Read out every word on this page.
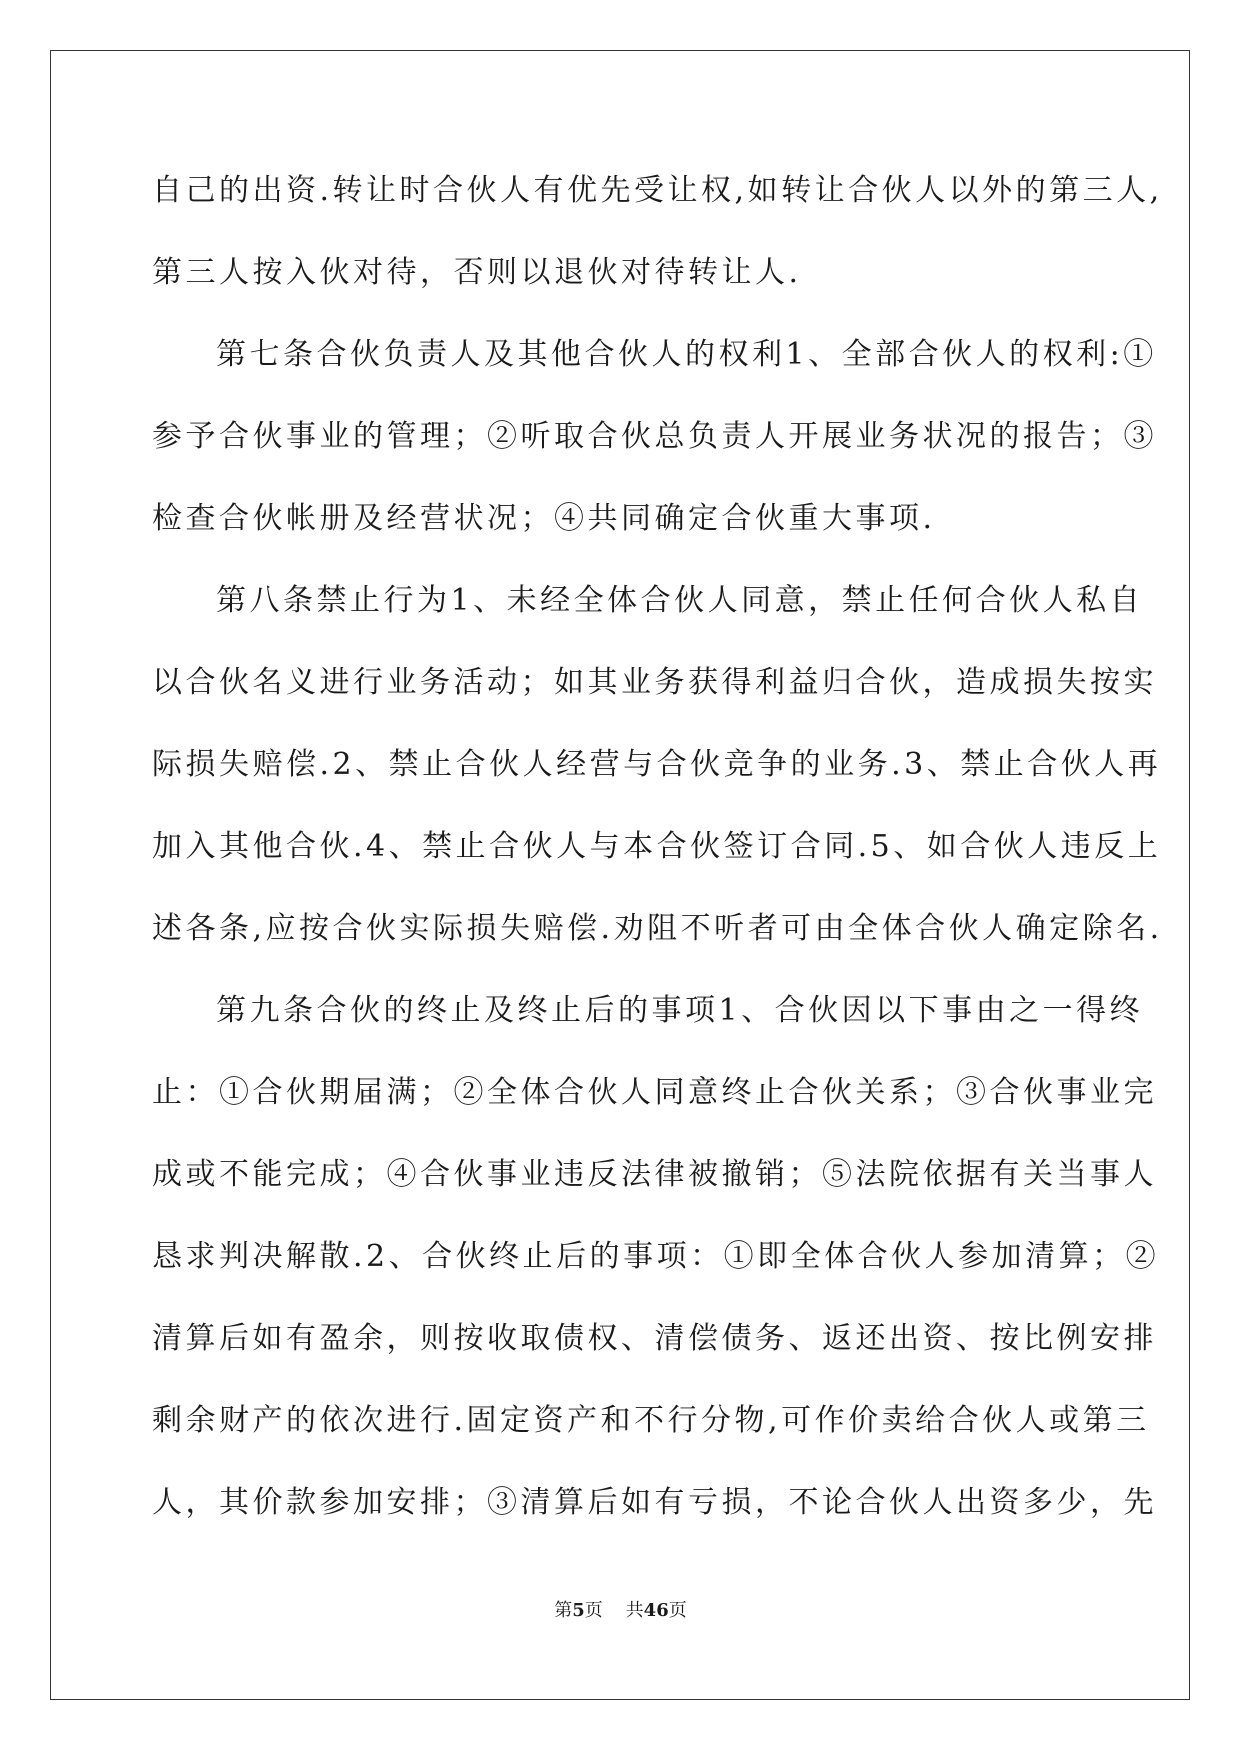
自己的出资.转让时合伙人有优先受让权,如转让合伙人以外的第三人,
第三人按入伙对待，否则以退伙对待转让人.
第七条合伙负责人及其他合伙人的权利1、全部合伙人的权利:①
参予合伙事业的管理；②听取合伙总负责人开展业务状况的报告；③
检查合伙帐册及经营状况；④共同确定合伙重大事项.
第八条禁止行为1、未经全体合伙人同意，禁止任何合伙人私自
以合伙名义进行业务活动；如其业务获得利益归合伙，造成损失按实
际损失赔偿.2、禁止合伙人经营与合伙竞争的业务.3、禁止合伙人再
加入其他合伙.4、禁止合伙人与本合伙签订合同.5、如合伙人违反上
述各条,应按合伙实际损失赔偿.劝阻不听者可由全体合伙人确定除名.
第九条合伙的终止及终止后的事项1、合伙因以下事由之一得终
止：①合伙期届满；②全体合伙人同意终止合伙关系；③合伙事业完
成或不能完成；④合伙事业违反法律被撤销；⑤法院依据有关当事人
恳求判决解散.2、合伙终止后的事项：①即全体合伙人参加清算；②
清算后如有盈余，则按收取债权、清偿债务、返还出资、按比例安排
剩余财产的依次进行.固定资产和不行分物,可作价卖给合伙人或第三
人，其价款参加安排；③清算后如有亏损，不论合伙人出资多少，先
第5页 共46页
